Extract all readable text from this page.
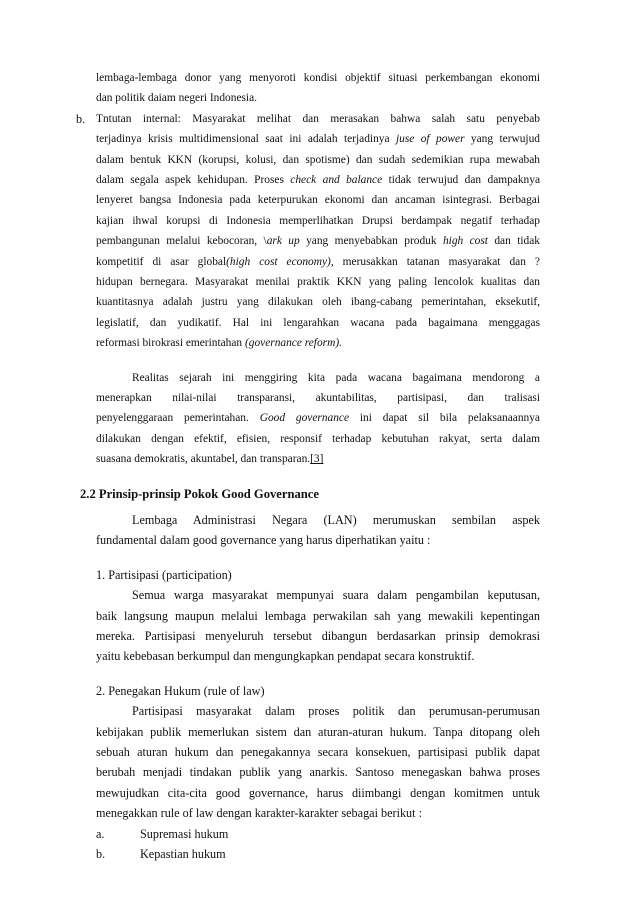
lembaga-lembaga donor yang menyoroti kondisi objektif situasi perkembangan ekonomi
dan politik daiam negeri Indonesia.
b. Tntutan internal: Masyarakat melihat dan merasakan bahwa salah satu penyebab
terjadinya krisis multidimensional saat ini adalah terjadinya juse of power yang terwujud
dalam bentuk KKN (korupsi, kolusi, dan spotisme) dan sudah sedemikian rupa mewabah
dalam segala aspek kehidupan. Proses check and balance tidak terwujud dan dampaknya
lenyeret bangsa Indonesia pada keterpurukan ekonomi dan ancaman isintegrasi. Berbagai
kajian ihwal korupsi di Indonesia memperlihatkan Drupsi berdampak negatif terhadap
pembangunan melalui kebocoran, \ark up yang menyebabkan produk high cost dan tidak
kompetitif di asar global(high cost economy), merusakkan tatanan masyarakat dan ?
hidupan bernegara. Masyarakat menilai praktik KKN yang paling lencolok kualitas dan
kuantitasnya adalah justru yang dilakukan oleh ibang-cabang pemerintahan, eksekutif,
legislatif, dan yudikatif. Hal ini lengarahkan wacana pada bagaimana menggagas
reformasi birokrasi emerintahan (governance reform).
Realitas sejarah ini menggiring kita pada wacana bagaimana mendorong a
menerapkan nilai-nilai transparansi, akuntabilitas, partisipasi, dan tralisasi
penyelenggaraan pemerintahan. Good governance ini dapat sil bila pelaksanaannya
dilakukan dengan efektif, efisien, responsif terhadap kebutuhan rakyat, serta dalam
suasana demokratis, akuntabel, dan transparan.[3]
2.2 Prinsip-prinsip Pokok Good Governance
Lembaga Administrasi Negara (LAN) merumuskan sembilan aspek
fundamental dalam good governance yang harus diperhatikan yaitu :
1. Partisipasi (participation)
Semua warga masyarakat mempunyai suara dalam pengambilan keputusan,
baik langsung maupun melalui lembaga perwakilan sah yang mewakili kepentingan
mereka. Partisipasi menyeluruh tersebut dibangun berdasarkan prinsip demokrasi
yaitu kebebasan berkumpul dan mengungkapkan pendapat secara konstruktif.
2. Penegakan Hukum (rule of law)
Partisipasi masyarakat dalam proses politik dan perumusan-perumusan
kebijakan publik memerlukan sistem dan aturan-aturan hukum. Tanpa ditopang oleh
sebuah aturan hukum dan penegakannya secara konsekuen, partisipasi publik dapat
berubah menjadi tindakan publik yang anarkis. Santoso menegaskan bahwa proses
mewujudkan cita-cita good governance, harus diimbangi dengan komitmen untuk
menegakkan rule of law dengan karakter-karakter sebagai berikut :
a.	Supremasi hukum
b.	Kepastian hukum
